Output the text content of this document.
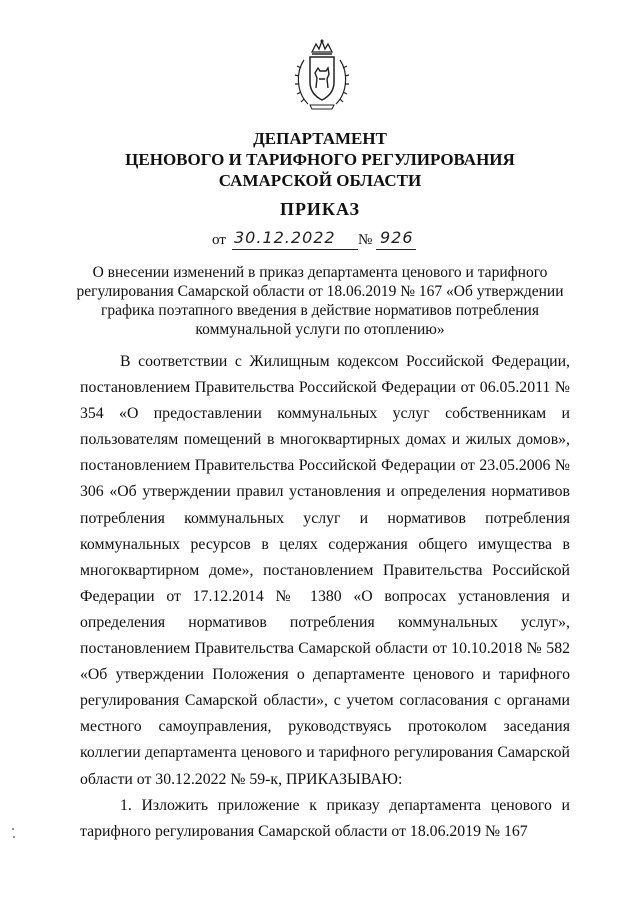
ДЕПАРТАМЕНТ
ЦЕНОВОГО И ТАРИФНОГО РЕГУЛИРОВАНИЯ
САМАРСКОЙ ОБЛАСТИ
ПРИКАЗ
от 30.12.2022 № 926
О внесении изменений в приказ департамента ценового и тарифного регулирования Самарской области от 18.06.2019 № 167 «Об утверждении графика поэтапного введения в действие нормативов потребления коммунальной услуги по отоплению»

В соответствии с Жилищным кодексом Российской Федерации, постановлением Правительства Российской Федерации от 06.05.2011 № 354 «О предоставлении коммунальных услуг собственникам и пользователям помещений в многоквартирных домах и жилых домов», постановлением Правительства Российской Федерации от 23.05.2006 № 306 «Об утверждении правил установления и определения нормативов потребления коммунальных услуг и нормативов потребления коммунальных ресурсов в целях содержания общего имущества в многоквартирном доме», постановлением Правительства Российской Федерации от 17.12.2014 № 1380 «О вопросах установления и определения нормативов потребления коммунальных услуг», постановлением Правительства Самарской области от 10.10.2018 № 582 «Об утверждении Положения о департаменте ценового и тарифного регулирования Самарской области», с учетом согласования с органами местного самоуправления, руководствуясь протоколом заседания коллегии департамента ценового и тарифного регулирования Самарской области от 30.12.2022 № 59-к, ПРИКАЗЫВАЮ:

1. Изложить приложение к приказу департамента ценового и тарифного регулирования Самарской области от 18.06.2019 № 167
